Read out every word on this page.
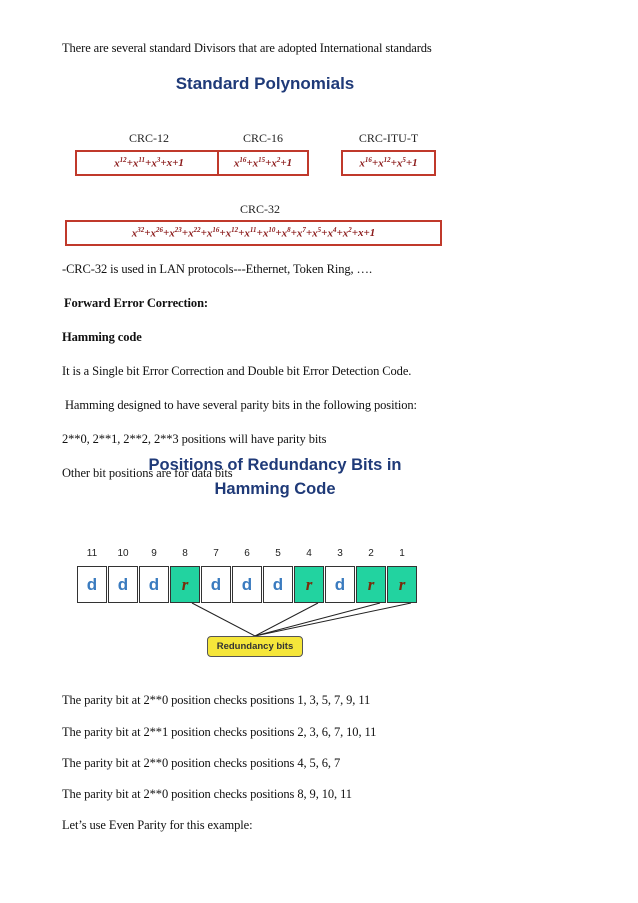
There are several standard Divisors that are adopted International standards
Standard Polynomials
CRC-12
$x^{12} + x^{11} + x^3 + x + 1$
CRC-16
$x^{16} + x^{15} + x^2 + 1$
CRC-ITU-T
$x^{16} + x^{12} + x^5 + 1$
CRC-32
$x^{32} + x^{26} + x^{23} + x^{22} + x^{16} + x^{12} + x^{11} + x^{10} + x^8 + x^7 + x^5 + x^4 + x^2 + x + 1$
-CRC-32 is used in LAN protocols---Ethernet, Token Ring, ….
Forward Error Correction:
Hamming code
It is a Single bit Error Correction and Double bit Error Detection Code.
Hamming designed to have several parity bits in the following position:
2**0, 2**1, 2**2, 2**3 positions will have parity bits
Other bit positions are for data bits
Positions of Redundancy Bits in
Hamming Code
11
d
10
d
9
d
8
r
7
d
6
d
5
d
4
r
3
d
2
r
1
r
Redundancy bits
The parity bit at 2**0 position checks positions 1, 3, 5, 7, 9, 11
The parity bit at 2**1 position checks positions 2, 3, 6, 7, 10, 11
The parity bit at 2**0 position checks positions 4, 5, 6, 7
The parity bit at 2**0 position checks positions 8, 9, 10, 11
Let’s use Even Parity for this example:
